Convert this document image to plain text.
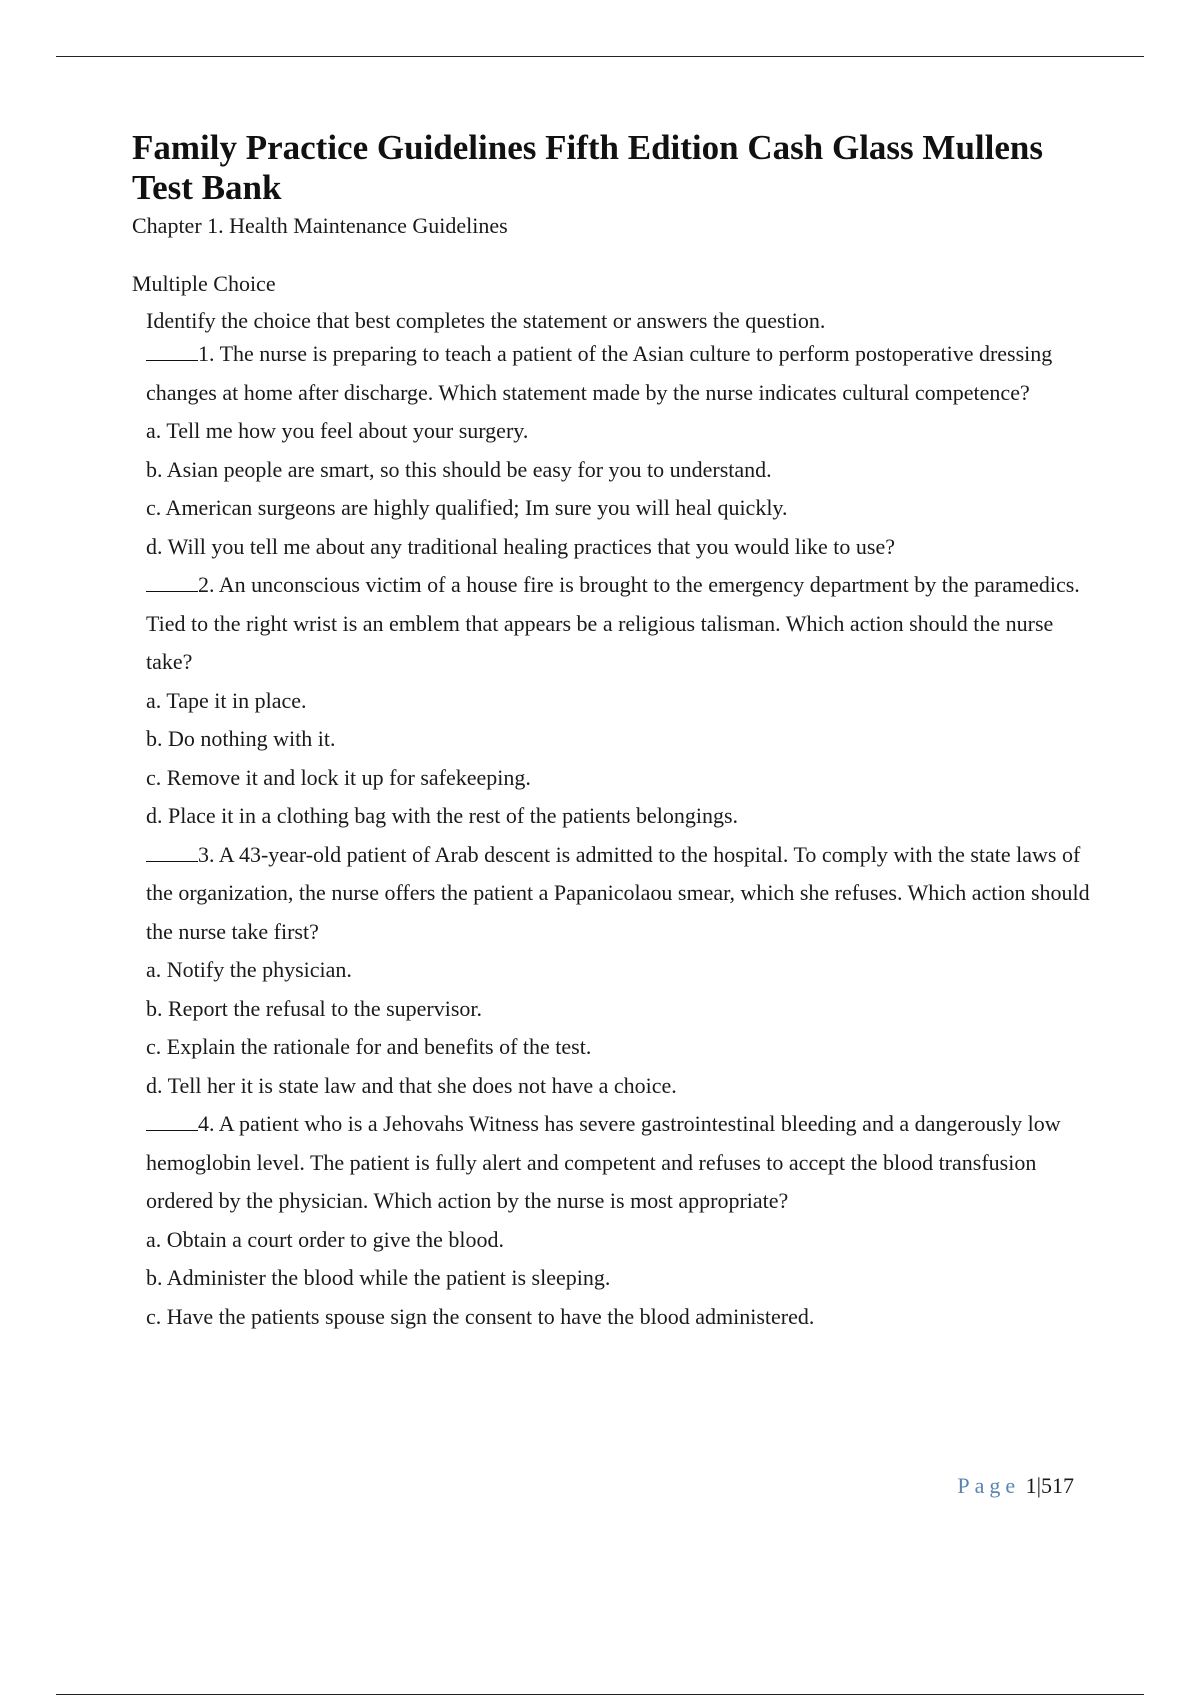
Family Practice Guidelines Fifth Edition Cash Glass Mullens Test Bank
Chapter 1. Health Maintenance Guidelines
Multiple Choice
Identify the choice that best completes the statement or answers the question.

1. The nurse is preparing to teach a patient of the Asian culture to perform postoperative dressing changes at home after discharge. Which statement made by the nurse indicates cultural competence?

a. Tell me how you feel about your surgery.

b. Asian people are smart, so this should be easy for you to understand.

c. American surgeons are highly qualified; Im sure you will heal quickly.

d. Will you tell me about any traditional healing practices that you would like to use?

2. An unconscious victim of a house fire is brought to the emergency department by the paramedics. Tied to the right wrist is an emblem that appears be a religious talisman. Which action should the nurse take?

a. Tape it in place.

b. Do nothing with it.

c. Remove it and lock it up for safekeeping.

d. Place it in a clothing bag with the rest of the patients belongings.

3. A 43-year-old patient of Arab descent is admitted to the hospital. To comply with the state laws of the organization, the nurse offers the patient a Papanicolaou smear, which she refuses. Which action should the nurse take first?

a. Notify the physician.

b. Report the refusal to the supervisor.

c. Explain the rationale for and benefits of the test.

d. Tell her it is state law and that she does not have a choice.

4. A patient who is a Jehovahs Witness has severe gastrointestinal bleeding and a dangerously low hemoglobin level. The patient is fully alert and competent and refuses to accept the blood transfusion ordered by the physician. Which action by the nurse is most appropriate?

a. Obtain a court order to give the blood.

b. Administer the blood while the patient is sleeping.

c. Have the patients spouse sign the consent to have the blood administered.

Page 1|517
